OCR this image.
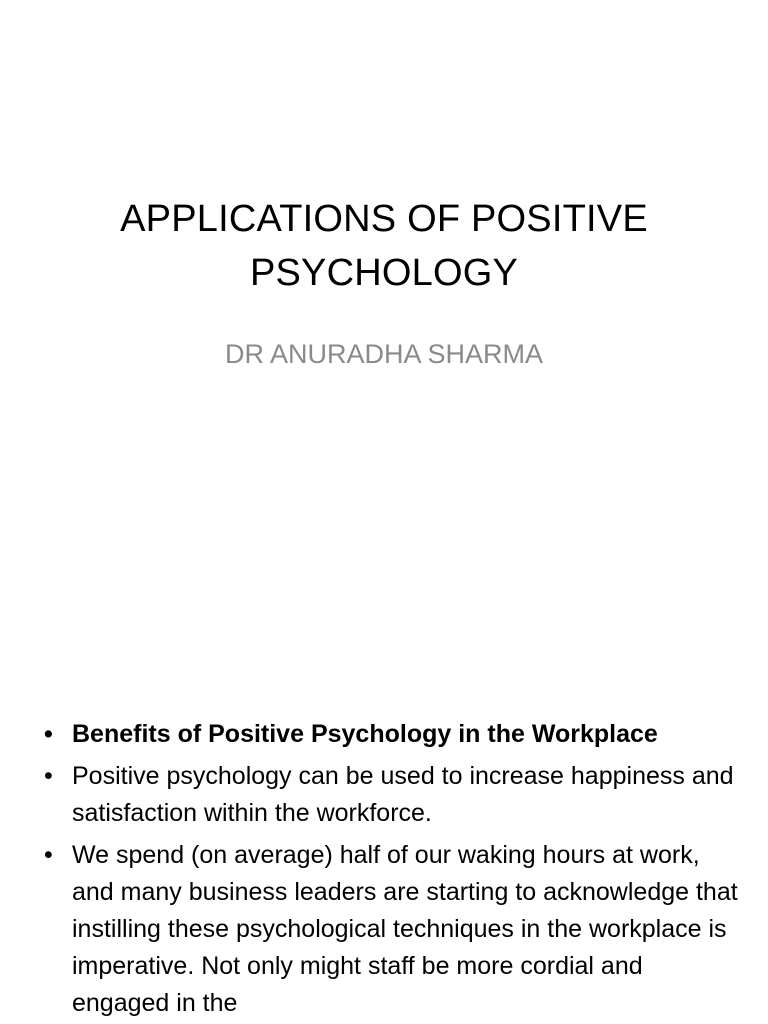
APPLICATIONS OF POSITIVE
PSYCHOLOGY

DR ANURADHA SHARMA

• Benefits of Positive Psychology in the Workplace
• Positive psychology can be used to increase happiness and satisfaction within the workforce.
• We spend (on average) half of our waking hours at work, and many business leaders are starting to acknowledge that instilling these psychological techniques in the workplace is imperative. Not only might staff be more cordial and engaged in the
